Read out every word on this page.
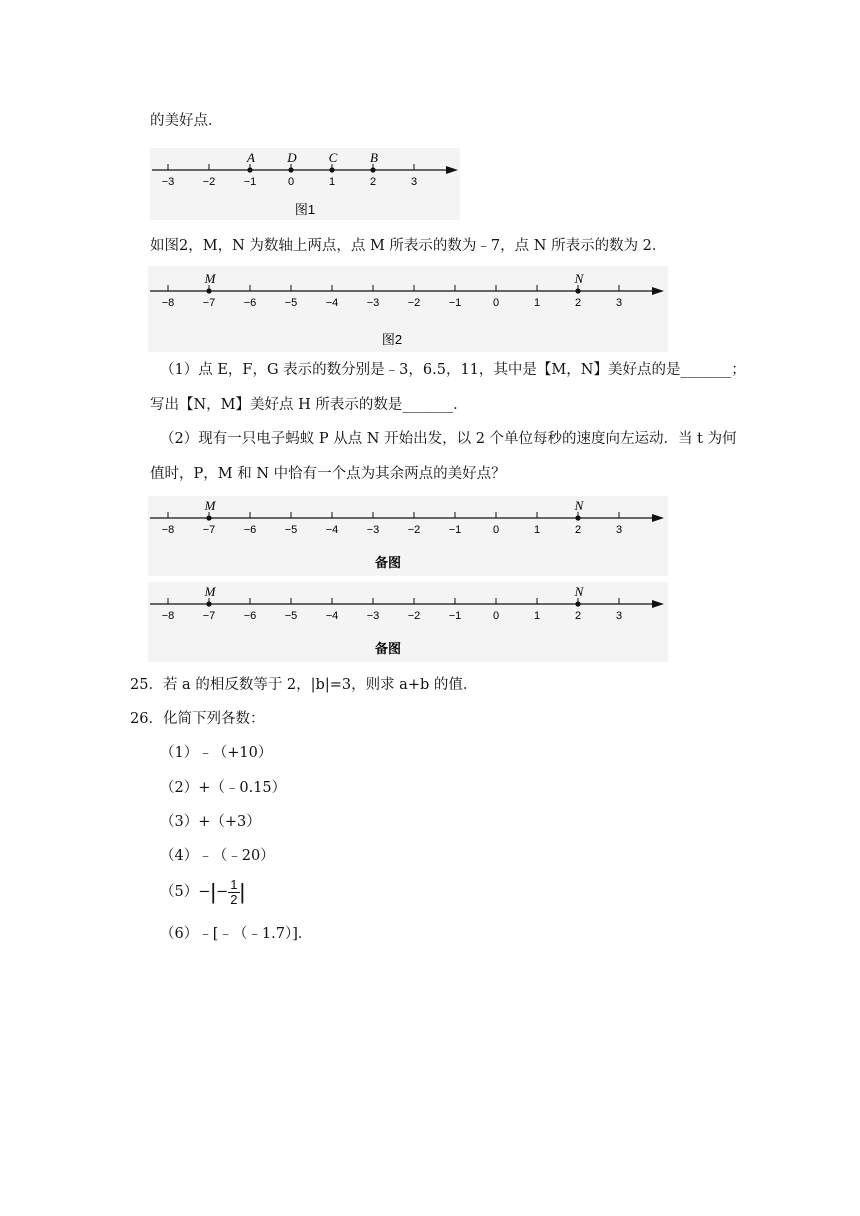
的美好点．
−3	−2	−1	0	1	2	3
A D C	B
图1
如图2，M，N 为数轴上两点，点 M 所表示的数为﹣7，点 N 所表示的数为 2．
−8	−7	−6	−5	−4	−3	−2	−1	0	1	2	3
M	N
图2
（1）点 E，F，G 表示的数分别是﹣3，6.5，11，其中是【M，N】美好点的是_______；
写出【N，M】美好点 H 所表示的数是_______．
（2）现有一只电子蚂蚁 P 从点 N 开始出发，以 2 个单位每秒的速度向左运动．当 t 为何
值时，P，M 和 N 中恰有一个点为其余两点的美好点？
−8	−7	−6	−5	−4	−3	−2	−1	0	1	2	3
M	N
备图
−8	−7	−6	−5	−4	−3	−2	−1	0	1	2	3
M	N
备图
25．若 a 的相反数等于 2，|b|=3，则求 a+b 的值．
26．化简下列各数：
（1）﹣（+10）
（2）+（﹣0.15）
（3）+（+3）
（4）﹣（﹣20）
$(5)-|- \frac{1}{2}$ |
（6）﹣[﹣（﹣1.7）]．
